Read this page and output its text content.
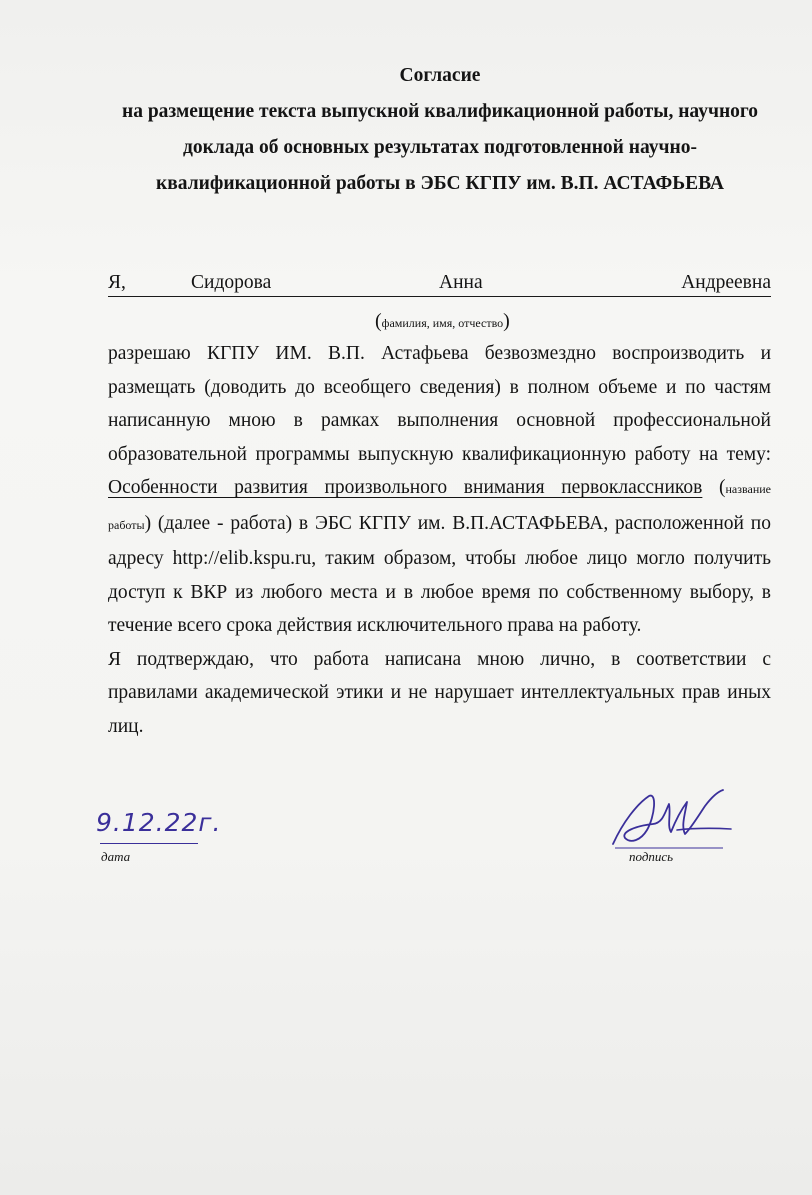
Согласие
на размещение текста выпускной квалификационной работы, научного
доклада об основных результатах подготовленной научно-
квалификационной работы в ЭБС КГПУ им. В.П. АСТАФЬЕВА
Я,	Сидорова	Анна	Андреевна
(фамилия, имя, отчество)
разрешаю КГПУ ИМ. В.П. Астафьева безвозмездно воспроизводить и
размещать (доводить до всеобщего сведения) в полном объеме и по частям
написанную мною в рамках выполнения основной профессиональной
образовательной программы выпускную квалификационную работу на тему:
Особенности развития произвольного внимания первоклассников (название
работы) (далее - работа) в ЭБС КГПУ им. В.П.АСТАФЬЕВА, расположенной по
адресу http://elib.kspu.ru, таким образом, чтобы любое лицо могло получить
доступ к ВКР из любого места и в любое время по собственному выбору, в
течение всего срока действия исключительного права на работу.
Я подтверждаю, что работа написана мною лично, в соответствии с
правилами академической этики и не нарушает интеллектуальных прав иных
лиц.
9.12.22г.
дата	подпись
